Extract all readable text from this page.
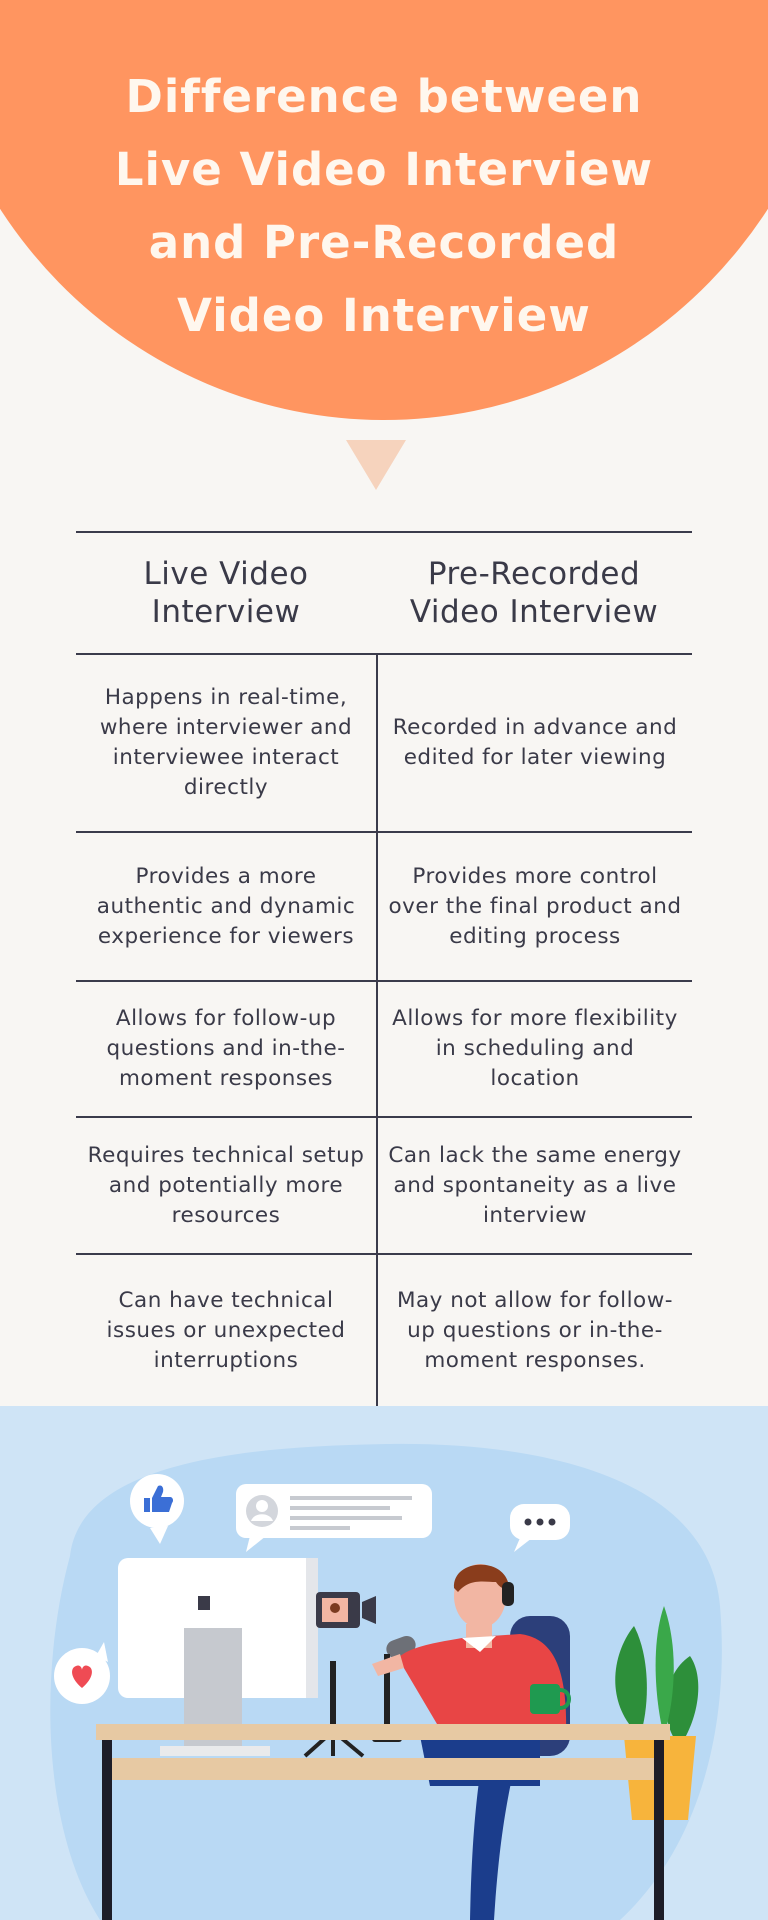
Difference between Live Video Interview and Pre-Recorded Video Interview
Live Video Interview
Pre-Recorded Video Interview
Happens in real-time, where interviewer and interviewee interact directly
Recorded in advance and edited for later viewing
Provides a more authentic and dynamic experience for viewers
Provides more control over the final product and editing process
Allows for follow-up questions and in-the-moment responses
Allows for more flexibility in scheduling and location
Requires technical setup and potentially more resources
Can lack the same energy and spontaneity as a live interview
Can have technical issues or unexpected interruptions
May not allow for follow-up questions or in-the-moment responses.
